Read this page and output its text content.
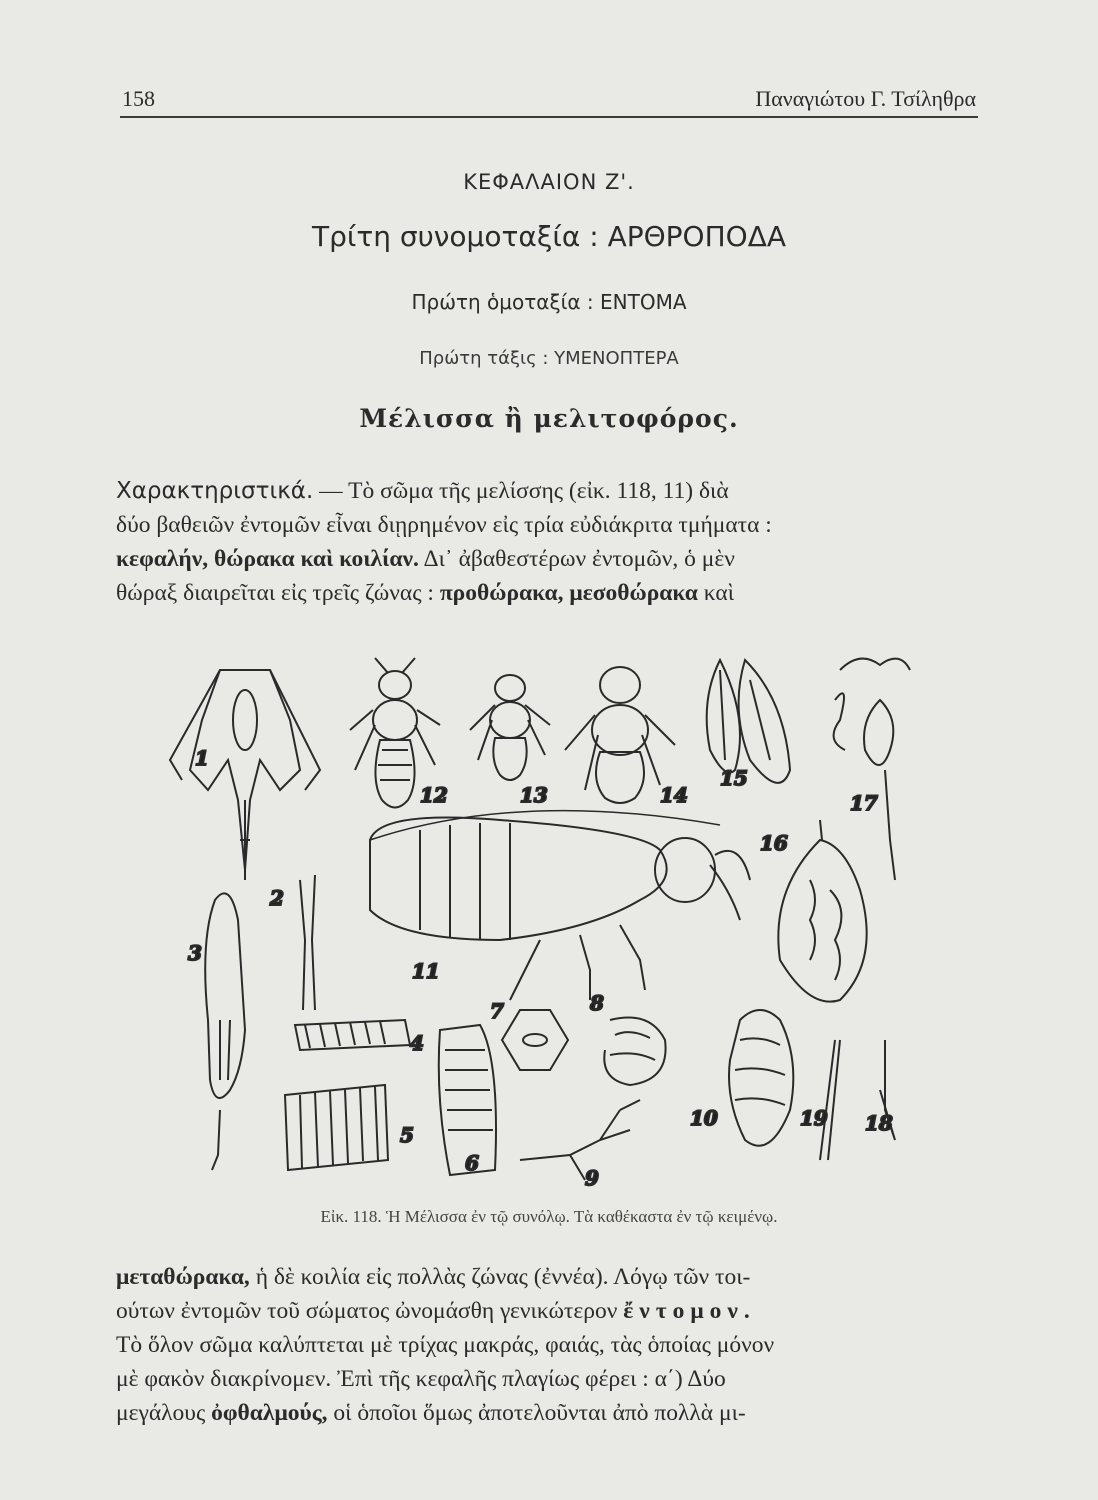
158	Παναγιώτου Γ. Τσίληθρα
ΚΕΦΑΛΑΙΟΝ Ζ'.
Τρίτη συνομοταξία : ΑΡΘΡΟΠΟΔΑ
Πρώτη ὁμοταξία : ΕΝΤΟΜΑ
Πρώτη τάξις : ΥΜΕΝΟΠΤΕΡΑ
Μέλισσα ἢ μελιτοφόρος.
Χαρακτηριστικά. — Τὸ σῶμα τῆς μελίσσης (εἰκ. 118, 11) διὰ
δύο βαθειῶν ἐντομῶν εἶναι διῃρημένον εἰς τρία εὐδιάκριτα τμήματα :
κεφαλήν, θώρακα καὶ κοιλίαν. Δι᾿ ἀβαθεστέρων ἐντομῶν, ὁ μὲν
θώραξ διαιρεῖται εἰς τρεῖς ζώνας : προθώρακα, μεσοθώρακα καὶ
1
2
3
4
5
6
7	8
9
10
11
12	13	14
15
16
17
18
19
Εἰκ. 118. Ἡ Μέλισσα ἐν τῷ συνόλῳ. Τὰ καθέκαστα ἐν τῷ κειμένῳ.
μεταθώρακα, ἡ δὲ κοιλία εἰς πολλὰς ζώνας (ἐννέα). Λόγῳ τῶν τοι-
ούτων ἐντομῶν τοῦ σώματος ὠνομάσθη γενικώτερον ἔντομον.
Τὸ ὅλον σῶμα καλύπτεται μὲ τρίχας μακράς, φαιάς, τὰς ὁποίας μόνον
μὲ φακὸν διακρίνομεν. Ἐπὶ τῆς κεφαλῆς πλαγίως φέρει : α΄) Δύο
μεγάλους ὀφθαλμούς, οἱ ὁποῖοι ὅμως ἀποτελοῦνται ἀπὸ πολλὰ μι-
